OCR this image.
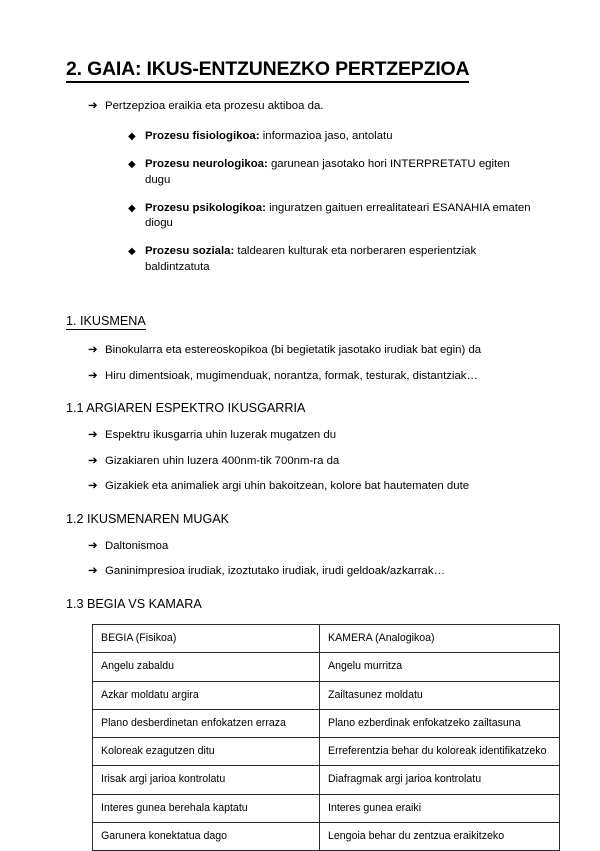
2. GAIA: IKUS-ENTZUNEZKO PERTZEPZIOA
➔ Pertzepzioa eraikia eta prozesu aktiboa da.
◆ Prozesu fisiologikoa: informazioa jaso, antolatu
◆ Prozesu neurologikoa: garunean jasotako hori INTERPRETATU egiten dugu
◆ Prozesu psikologikoa: inguratzen gaituen errealitateari ESANAHIA ematen diogu
◆ Prozesu soziala: taldearen kulturak eta norberaren esperientziak baldintzatuta
1. IKUSMENA
➔ Binokularra eta estereoskopikoa (bi begietatik jasotako irudiak bat egin) da
➔ Hiru dimentsioak, mugimenduak, norantza, formak, testurak, distantziak…
1.1 ARGIAREN ESPEKTRO IKUSGARRIA
➔ Espektru ikusgarria uhin luzerak mugatzen du
➔ Gizakiaren uhin luzera 400nm-tik 700nm-ra da
➔ Gizakiek eta animaliek argi uhin bakoitzean, kolore bat hautematen dute
1.2 IKUSMENAREN MUGAK
➔ Daltonismoa
➔ Ganinimpresioa irudiak, izoztutako irudiak, irudi geldoak/azkarrak…
1.3 BEGIA VS KAMARA
BEGIA (Fisikoa)	KAMERA (Analogikoa)
Angelu zabaldu	Angelu murritza
Azkar moldatu argira	Zailtasunez moldatu
Plano desberdinetan enfokatzen erraza	Plano ezberdinak enfokatzeko zailtasuna
Koloreak ezagutzen ditu	Erreferentzia behar du koloreak identifikatzeko
Irisak argi jarioa kontrolatu	Diafragmak argi jarioa kontrolatu
Interes gunea berehala kaptatu	Interes gunea eraiki
Garunera konektatua dago	Lengoia behar du zentzua eraikitzeko
